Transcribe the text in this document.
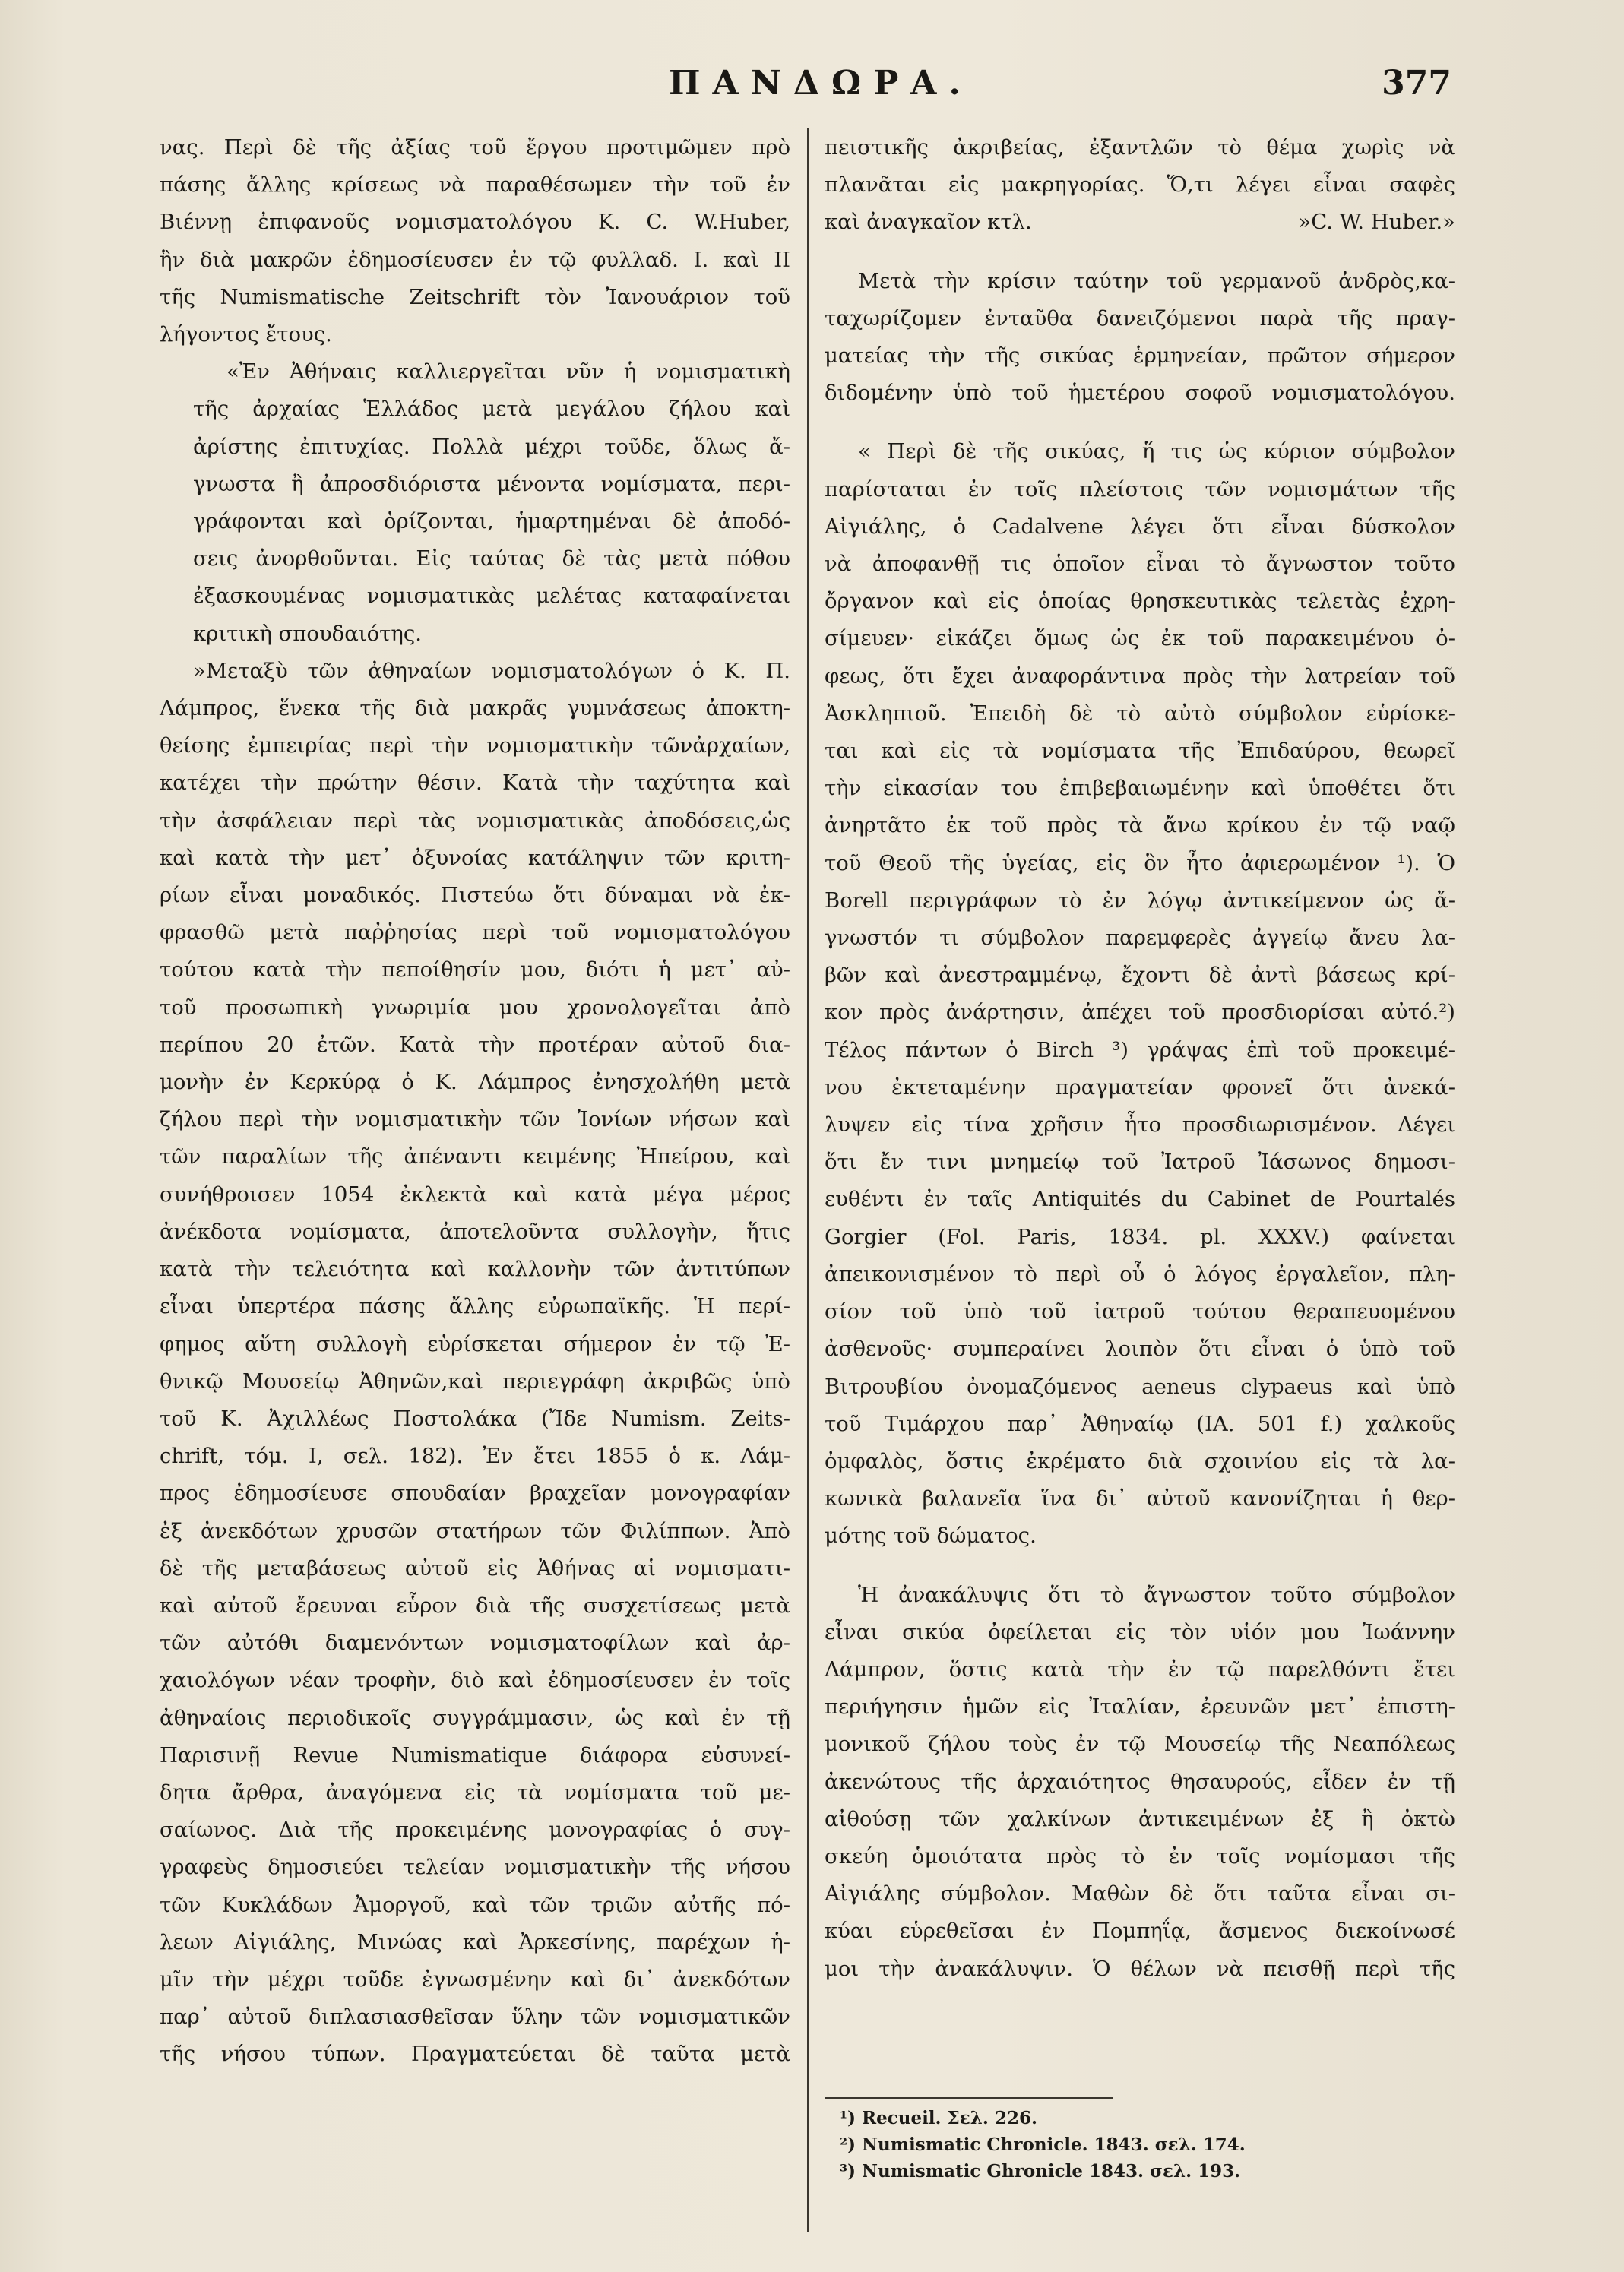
ΠΑΝΔΩΡΑ.	377

νας. Περὶ δὲ τῆς ἀξίας τοῦ ἔργου προτιμῶμεν πρὸ
πάσης ἄλλης κρίσεως νὰ παραθέσωμεν τὴν τοῦ ἐν
Βιέννῃ ἐπιφανοῦς νομισματολόγου K. C. W.Huber,
ἣν διὰ μακρῶν ἐδημοσίευσεν ἐν τῷ φυλλαδ. I. καὶ II
τῆς Numismatische Zeitschrift τὸν Ἰανουάριον τοῦ
λήγοντος ἔτους.

«Ἐν Ἀθήναις καλλιεργεῖται νῦν ἡ νομισματικὴ
τῆς ἀρχαίας Ἑλλάδος μετὰ μεγάλου ζήλου καὶ
ἀρίστης ἐπιτυχίας. Πολλὰ μέχρι τοῦδε, ὅλως ἄ-
γνωστα ἢ ἀπροσδιόριστα μένοντα νομίσματα, περι-
γράφονται καὶ ὁρίζονται, ἡμαρτημέναι δὲ ἀποδό-
σεις ἀνορθοῦνται. Εἰς ταύτας δὲ τὰς μετὰ πόθου
ἐξασκουμένας νομισματικὰς μελέτας καταφαίνεται
κριτικὴ σπουδαιότης.

»Μεταξὺ τῶν ἀθηναίων νομισματολόγων ὁ Κ. Π.
Λάμπρος, ἕνεκα τῆς διὰ μακρᾶς γυμνάσεως ἀποκτη-
θείσης ἐμπειρίας περὶ τὴν νομισματικὴν τῶνἀρχαίων,
κατέχει τὴν πρώτην θέσιν. Κατὰ τὴν ταχύτητα καὶ
τὴν ἀσφάλειαν περὶ τὰς νομισματικὰς ἀποδόσεις,ὡς
καὶ κατὰ τὴν μετ᾽ ὀξυνοίας κατάληψιν τῶν κριτη-
ρίων εἶναι μοναδικός. Πιστεύω ὅτι δύναμαι νὰ ἐκ-
φρασθῶ μετὰ παῤῥησίας περὶ τοῦ νομισματολόγου
τούτου κατὰ τὴν πεποίθησίν μου, διότι ἡ μετ᾽ αὐ-
τοῦ προσωπικὴ γνωριμία μου χρονολογεῖται ἀπὸ
περίπου 20 ἐτῶν. Κατὰ τὴν προτέραν αὐτοῦ δια-
μονὴν ἐν Κερκύρᾳ ὁ Κ. Λάμπρος ἐνησχολήθη μετὰ
ζήλου περὶ τὴν νομισματικὴν τῶν Ἰονίων νήσων καὶ
τῶν παραλίων τῆς ἀπέναντι κειμένης Ἠπείρου, καὶ
συνήθροισεν 1054 ἐκλεκτὰ καὶ κατὰ μέγα μέρος
ἀνέκδοτα νομίσματα, ἀποτελοῦντα συλλογὴν, ἥτις
κατὰ τὴν τελειότητα καὶ καλλονὴν τῶν ἀντιτύπων
εἶναι ὑπερτέρα πάσης ἄλλης εὐρωπαϊκῆς. Ἡ περί-
φημος αὕτη συλλογὴ εὑρίσκεται σήμερον ἐν τῷ Ἐ-
θνικῷ Μουσείῳ Ἀθηνῶν,καὶ περιεγράφη ἀκριβῶς ὑπὸ
τοῦ Κ. Ἀχιλλέως Ποστολάκα (Ἴδε Numism. Zeits-
chrift, τόμ. I, σελ. 182). Ἐν ἔτει 1855 ὁ κ. Λάμ-
προς ἐδημοσίευσε σπουδαίαν βραχεῖαν μονογραφίαν
ἐξ ἀνεκδότων χρυσῶν στατήρων τῶν Φιλίππων. Ἀπὸ
δὲ τῆς μεταβάσεως αὐτοῦ εἰς Ἀθήνας αἱ νομισματι-
καὶ αὐτοῦ ἔρευναι εὗρον διὰ τῆς συσχετίσεως μετὰ
τῶν αὐτόθι διαμενόντων νομισματοφίλων καὶ ἀρ-
χαιολόγων νέαν τροφὴν, διὸ καὶ ἐδημοσίευσεν ἐν τοῖς
ἀθηναίοις περιοδικοῖς συγγράμμασιν, ὡς καὶ ἐν τῇ
Παρισινῇ Revue Numismatique διάφορα εὐσυνεί-
δητα ἄρθρα, ἀναγόμενα εἰς τὰ νομίσματα τοῦ με-
σαίωνος. Διὰ τῆς προκειμένης μονογραφίας ὁ συγ-
γραφεὺς δημοσιεύει τελείαν νομισματικὴν τῆς νήσου
τῶν Κυκλάδων Ἀμοργοῦ, καὶ τῶν τριῶν αὐτῆς πό-
λεων Αἰγιάλης, Μινώας καὶ Ἀρκεσίνης, παρέχων ἡ-
μῖν τὴν μέχρι τοῦδε ἐγνωσμένην καὶ δι᾽ ἀνεκδότων
παρ᾽ αὐτοῦ διπλασιασθεῖσαν ὕλην τῶν νομισματικῶν
τῆς νήσου τύπων. Πραγματεύεται δὲ ταῦτα μετὰ

πειστικῆς ἀκριβείας, ἐξαντλῶν τὸ θέμα χωρὶς νὰ
πλανᾶται εἰς μακρηγορίας. Ὅ,τι λέγει εἶναι σαφὲς
καὶ ἀναγκαῖον κτλ.	»C. W. Huber.»

Μετὰ τὴν κρίσιν ταύτην τοῦ γερμανοῦ ἀνδρὸς,κα-
ταχωρίζομεν ἐνταῦθα δανειζόμενοι παρὰ τῆς πραγ-
ματείας τὴν τῆς σικύας ἑρμηνείαν, πρῶτον σήμερον
διδομένην ὑπὸ τοῦ ἡμετέρου σοφοῦ νομισματολόγου.

« Περὶ δὲ τῆς σικύας, ἥ τις ὡς κύριον σύμβολον
παρίσταται ἐν τοῖς πλείστοις τῶν νομισμάτων τῆς
Αἰγιάλης, ὁ Cadalvene λέγει ὅτι εἶναι δύσκολον
νὰ ἀποφανθῇ τις ὁποῖον εἶναι τὸ ἄγνωστον τοῦτο
ὄργανον καὶ εἰς ὁποίας θρησκευτικὰς τελετὰς ἐχρη-
σίμευεν· εἰκάζει ὅμως ὡς ἐκ τοῦ παρακειμένου ὀ-
φεως, ὅτι ἔχει ἀναφοράντινα πρὸς τὴν λατρείαν τοῦ
Ἀσκληπιοῦ. Ἐπειδὴ δὲ τὸ αὐτὸ σύμβολον εὑρίσκε-
ται καὶ εἰς τὰ νομίσματα τῆς Ἐπιδαύρου, θεωρεῖ
τὴν εἰκασίαν του ἐπιβεβαιωμένην καὶ ὑποθέτει ὅτι
ἀνηρτᾶτο ἐκ τοῦ πρὸς τὰ ἄνω κρίκου ἐν τῷ ναῷ
τοῦ Θεοῦ τῆς ὑγείας, εἰς ὃν ἦτο ἀφιερωμένον ¹). Ὁ
Borell περιγράφων τὸ ἐν λόγῳ ἀντικείμενον ὡς ἄ-
γνωστόν τι σύμβολον παρεμφερὲς ἀγγείῳ ἄνευ λα-
βῶν καὶ ἀνεστραμμένῳ, ἔχοντι δὲ ἀντὶ βάσεως κρί-
κον πρὸς ἀνάρτησιν, ἀπέχει τοῦ προσδιορίσαι αὐτό.²)
Τέλος πάντων ὁ Birch ³) γράψας ἐπὶ τοῦ προκειμέ-
νου ἐκτεταμένην πραγματείαν φρονεῖ ὅτι ἀνεκά-
λυψεν εἰς τίνα χρῆσιν ἦτο προσδιωρισμένον. Λέγει
ὅτι ἔν τινι μνημείῳ τοῦ Ἰατροῦ Ἰάσωνος δημοσι-
ευθέντι ἐν ταῖς Antiquités du Cabinet de Pourtalés
Gorgier (Fol. Paris, 1834. pl. XXXV.) φαίνεται
ἀπεικονισμένον τὸ περὶ οὗ ὁ λόγος ἐργαλεῖον, πλη-
σίον τοῦ ὑπὸ τοῦ ἰατροῦ τούτου θεραπευομένου
ἀσθενοῦς· συμπεραίνει λοιπὸν ὅτι εἶναι ὁ ὑπὸ τοῦ
Βιτρουβίου ὀνομαζόμενος aeneus clypaeus καὶ ὑπὸ
τοῦ Τιμάρχου παρ᾽ Ἀθηναίῳ (ΙΑ. 501 f.) χαλκοῦς
ὀμφαλὸς, ὅστις ἐκρέματο διὰ σχοινίου εἰς τὰ λα-
κωνικὰ βαλανεῖα ἵνα δι᾽ αὐτοῦ κανονίζηται ἡ θερ-
μότης τοῦ δώματος.

Ἡ ἀνακάλυψις ὅτι τὸ ἄγνωστον τοῦτο σύμβολον
εἶναι σικύα ὀφείλεται εἰς τὸν υἱόν μου Ἰωάννην
Λάμπρον, ὅστις κατὰ τὴν ἐν τῷ παρελθόντι ἔτει
περιήγησιν ἡμῶν εἰς Ἰταλίαν, ἐρευνῶν μετ᾽ ἐπιστη-
μονικοῦ ζήλου τοὺς ἐν τῷ Μουσείῳ τῆς Νεαπόλεως
ἀκενώτους τῆς ἀρχαιότητος θησαυρούς, εἶδεν ἐν τῇ
αἰθούσῃ τῶν χαλκίνων ἀντικειμένων ἐξ ἢ ὀκτὼ
σκεύη ὁμοιότατα πρὸς τὸ ἐν τοῖς νομίσμασι τῆς
Αἰγιάλης σύμβολον. Μαθὼν δὲ ὅτι ταῦτα εἶναι σι-
κύαι εὑρεθεῖσαι ἐν Πομπηΐᾳ, ἄσμενος διεκοίνωσέ
μοι τὴν ἀνακάλυψιν. Ὁ θέλων νὰ πεισθῇ περὶ τῆς

¹) Recueil. Σελ. 226.
²) Numismatic Chronicle. 1843. σελ. 174.
³) Numismatic Ghronicle 1843. σελ. 193.
